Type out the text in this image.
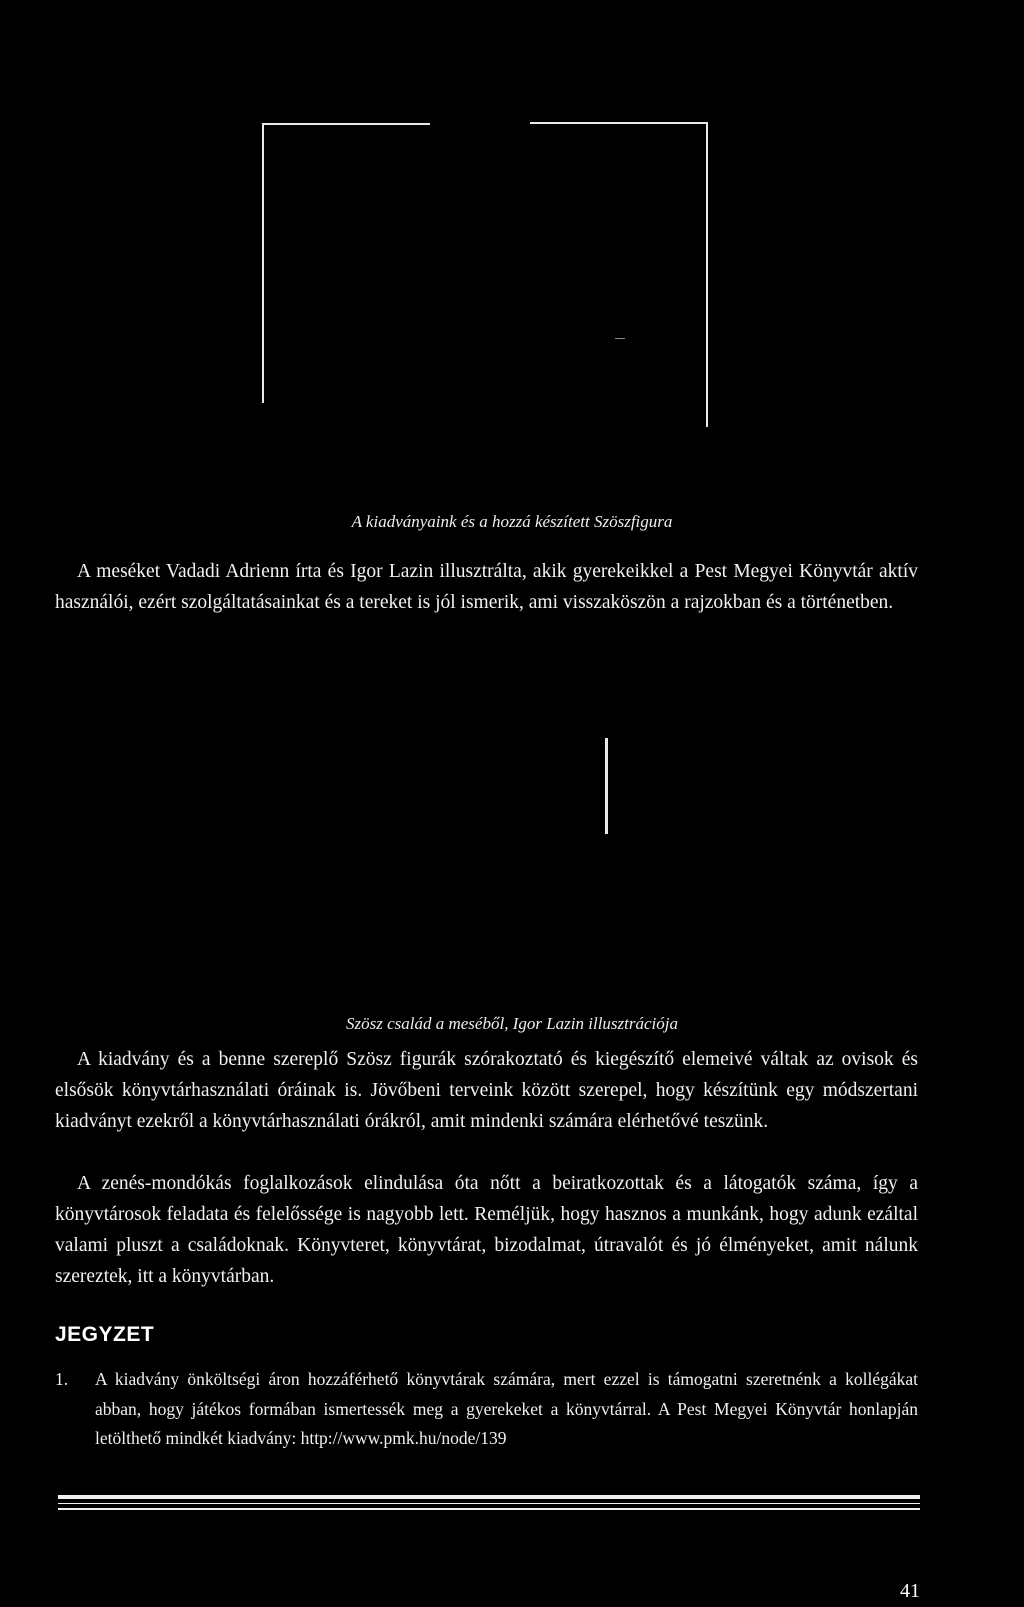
A kiadványaink és a hozzá készített Szöszfigura

A meséket Vadadi Adrienn írta és Igor Lazin illusztrálta, akik gyerekeikkel a Pest Megyei Könyvtár aktív használói, ezért szolgáltatásainkat és a tereket is jól ismerik, ami visszaköszön a rajzokban és a történetben.

Szösz család a meséből, Igor Lazin illusztrációja

A kiadvány és a benne szereplő Szösz figurák szórakoztató és kiegészítő elemeivé váltak az ovisok és elsősök könyvtárhasználati óráinak is. Jövőbeni terveink között szerepel, hogy készítünk egy módszertani kiadványt ezekről a könyvtárhasználati órákról, amit mindenki számára elérhetővé teszünk.

A zenés-mondókás foglalkozások elindulása óta nőtt a beiratkozottak és a látogatók száma, így a könyvtárosok feladata és felelőssége is nagyobb lett. Reméljük, hogy hasznos a munkánk, hogy adunk ezáltal valami pluszt a családoknak. Könyvteret, könyvtárat, bizodalmat, útravalót és jó élményeket, amit nálunk szereztek, itt a könyvtárban.

JEGYZET
1. A kiadvány önköltségi áron hozzáférhető könyvtárak számára, mert ezzel is támogatni szeretnénk a kollégákat abban, hogy játékos formában ismertessék meg a gyerekeket a könyvtárral. A Pest Megyei Könyvtár honlapján letölthető mindkét kiadvány: http://www.pmk.hu/node/139
41
